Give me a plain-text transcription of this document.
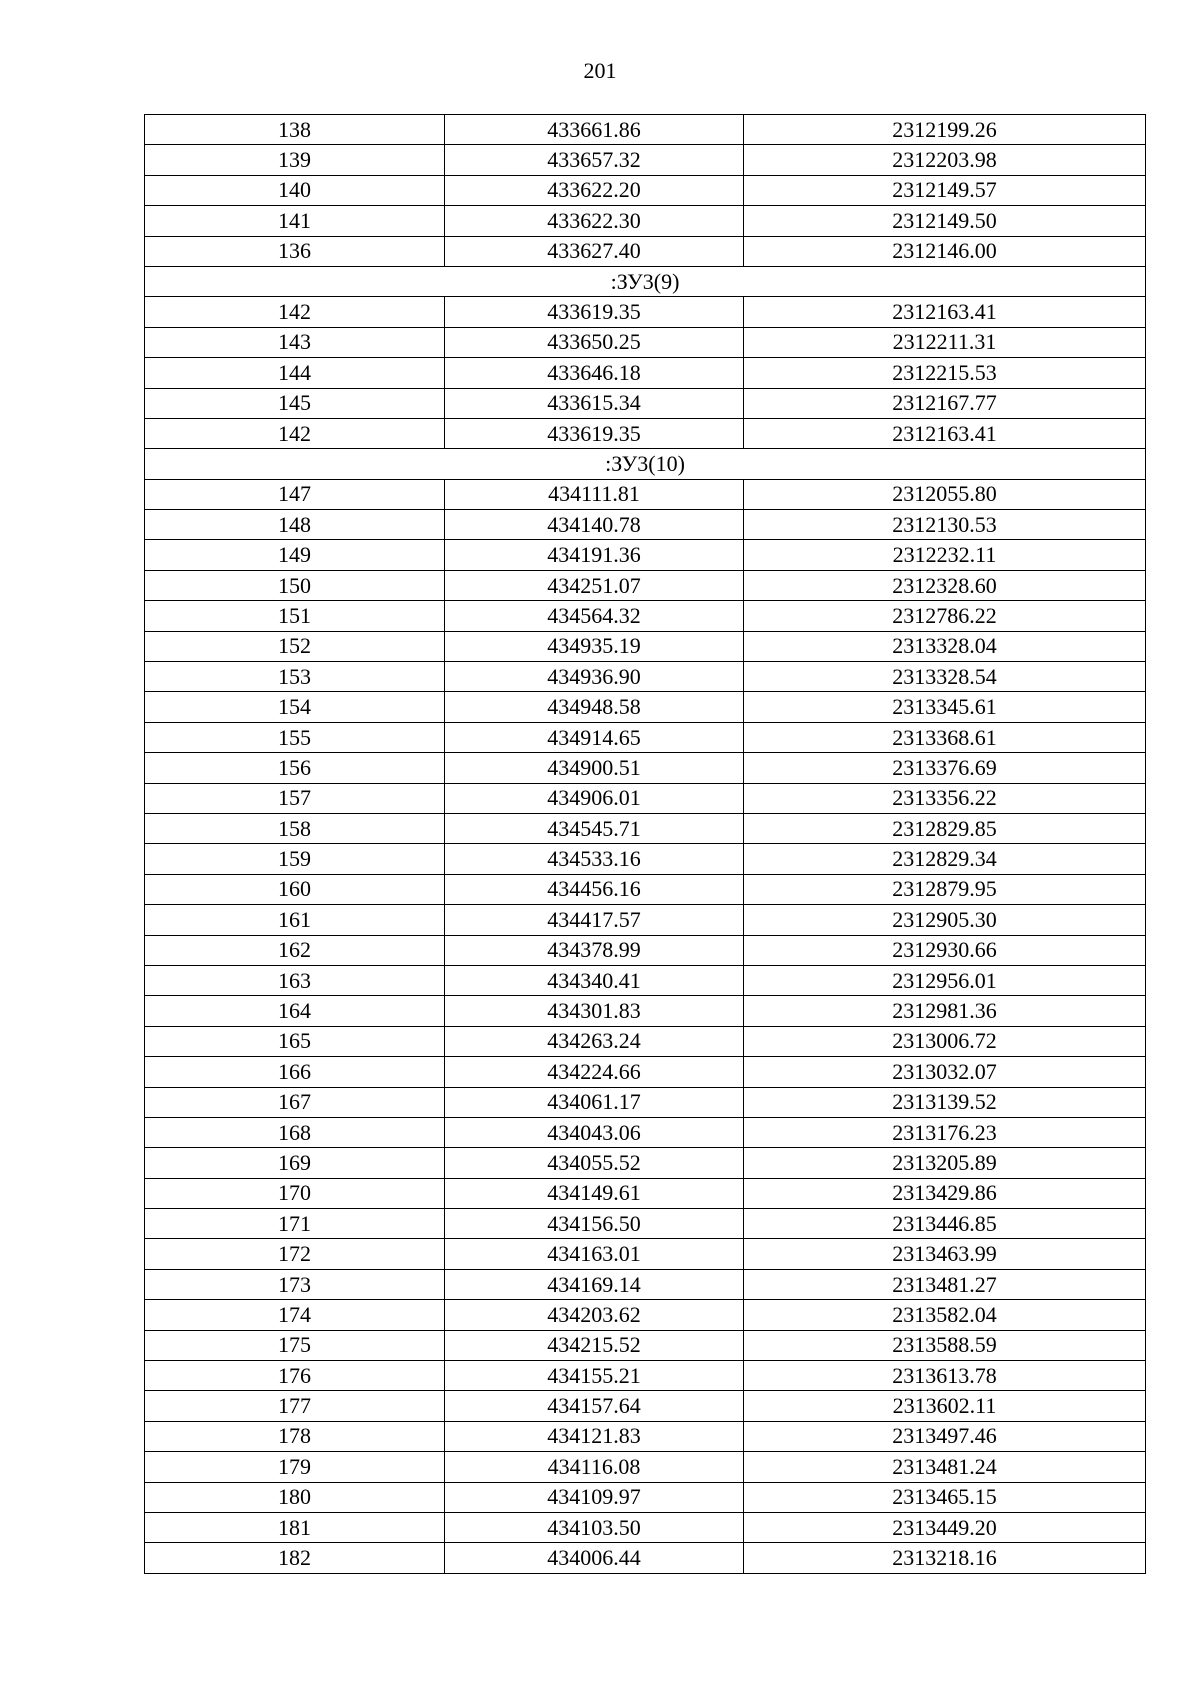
201
138	433661.86	2312199.26
139	433657.32	2312203.98
140	433622.20	2312149.57
141	433622.30	2312149.50
136	433627.40	2312146.00
:ЗУ3(9)		
142	433619.35	2312163.41
143	433650.25	2312211.31
144	433646.18	2312215.53
145	433615.34	2312167.77
142	433619.35	2312163.41
:ЗУ3(10)		
147	434111.81	2312055.80
148	434140.78	2312130.53
149	434191.36	2312232.11
150	434251.07	2312328.60
151	434564.32	2312786.22
152	434935.19	2313328.04
153	434936.90	2313328.54
154	434948.58	2313345.61
155	434914.65	2313368.61
156	434900.51	2313376.69
157	434906.01	2313356.22
158	434545.71	2312829.85
159	434533.16	2312829.34
160	434456.16	2312879.95
161	434417.57	2312905.30
162	434378.99	2312930.66
163	434340.41	2312956.01
164	434301.83	2312981.36
165	434263.24	2313006.72
166	434224.66	2313032.07
167	434061.17	2313139.52
168	434043.06	2313176.23
169	434055.52	2313205.89
170	434149.61	2313429.86
171	434156.50	2313446.85
172	434163.01	2313463.99
173	434169.14	2313481.27
174	434203.62	2313582.04
175	434215.52	2313588.59
176	434155.21	2313613.78
177	434157.64	2313602.11
178	434121.83	2313497.46
179	434116.08	2313481.24
180	434109.97	2313465.15
181	434103.50	2313449.20
182	434006.44	2313218.16
